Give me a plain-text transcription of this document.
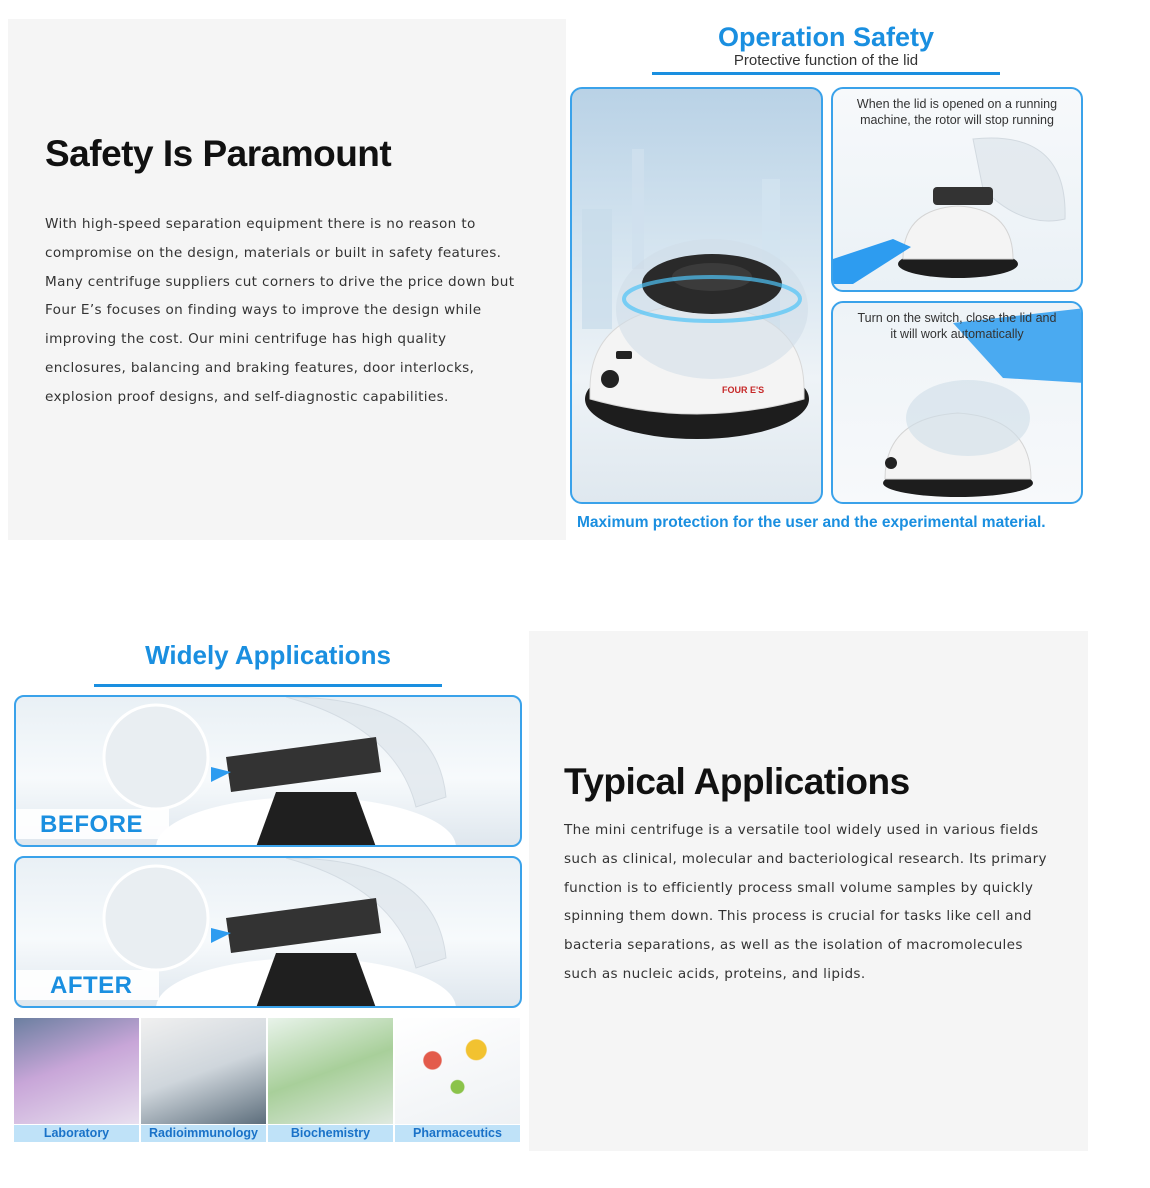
Safety Is Paramount

With high-speed separation equipment there is no reason to compromise on the design, materials or built in safety features. Many centrifuge suppliers cut corners to drive the price down but Four E’s focuses on finding ways to improve the design while improving the cost. Our mini centrifuge has high quality enclosures, balancing and braking features, door interlocks, explosion proof designs, and self-diagnostic capabilities.

Operation Safety
Protective function of the lid
FOUR E'S
When the lid is opened on a running machine, the rotor will stop running
Turn on the switch, close the lid and it will work automatically
Maximum protection for the user and the experimental material.
Widely Applications
BEFORE
AFTER
Laboratory	Radioimmunology	Biochemistry	Pharmaceutics
Typical Applications

The mini centrifuge is a versatile tool widely used in various fields such as clinical, molecular and bacteriological research. Its primary function is to efficiently process small volume samples by quickly spinning them down. This process is crucial for tasks like cell and bacteria separations, as well as the isolation of macromolecules such as nucleic acids, proteins, and lipids.
